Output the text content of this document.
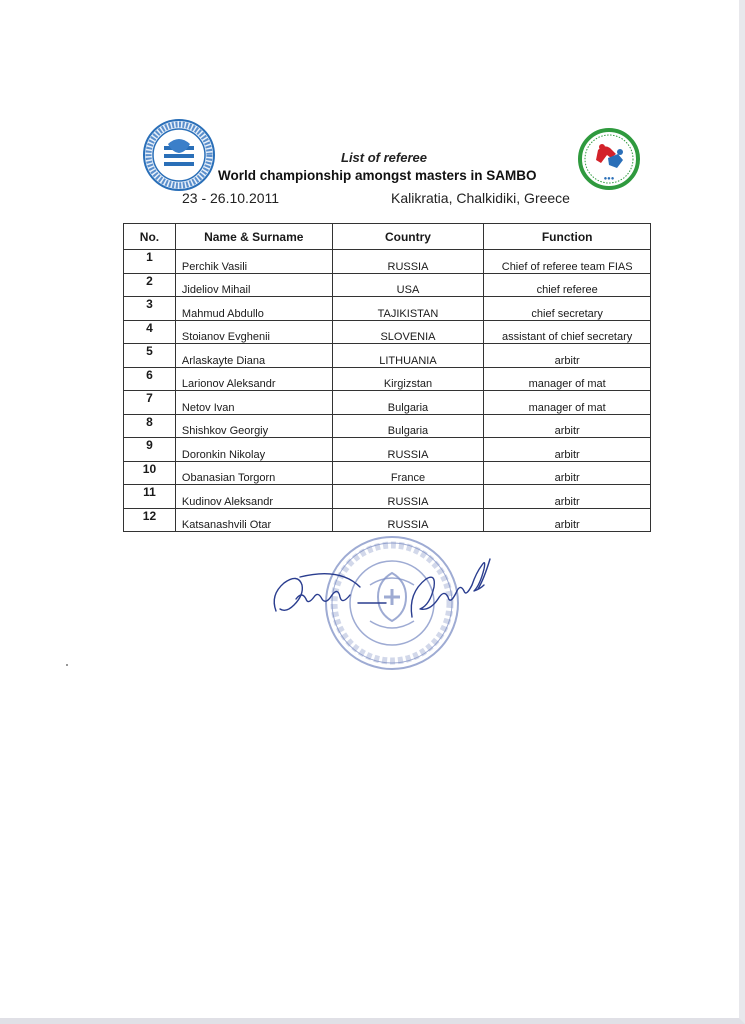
●●●
List of referee
World championship amongst masters in SAMBO
23 - 26.10.2011	Kalikratia, Chalkidiki, Greece
No.	Name & Surname	Country	Function
1	Perchik Vasili	RUSSIA	Chief of referee team FIAS
2	Jideliov Mihail	USA	chief referee
3	Mahmud Abdullo	TAJIKISTAN	chief secretary
4	Stoianov Evghenii	SLOVENIA	assistant of chief secretary
5	Arlaskayte Diana	LITHUANIA	arbitr
6	Larionov Aleksandr	Kirgizstan	manager of mat
7	Netov Ivan	Bulgaria	manager of mat
8	Shishkov Georgiy	Bulgaria	arbitr
9	Doronkin Nikolay	RUSSIA	arbitr
10	Obanasian Torgorn	France	arbitr
11	Kudinov Aleksandr	RUSSIA	arbitr
12	Katsanashvili Otar	RUSSIA	arbitr
